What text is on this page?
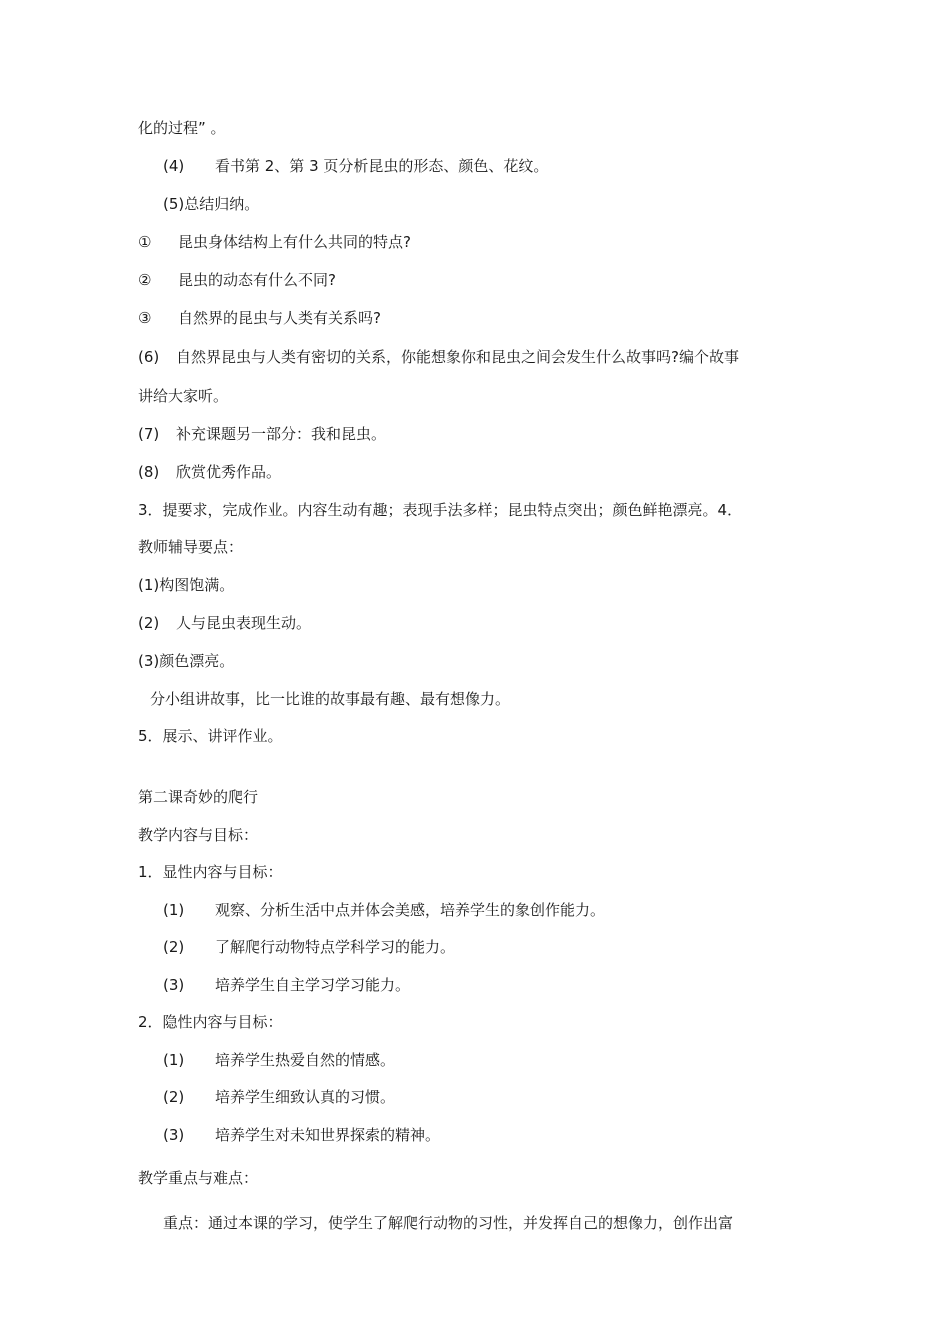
化的过程” 。
(4) 看书第 2、第 3 页分析昆虫的形态、颜色、花纹。
(5)总结归纳。
① 昆虫身体结构上有什么共同的特点?
② 昆虫的动态有什么不同?
③ 自然界的昆虫与人类有关系吗?
(6) 自然界昆虫与人类有密切的关系，你能想象你和昆虫之间会发生什么故事吗?编个故事
讲给大家听。
(7) 补充课题另一部分：我和昆虫。
(8) 欣赏优秀作品。
3．提要求，完成作业。内容生动有趣；表现手法多样；昆虫特点突出；颜色鲜艳漂亮。4．
教师辅导要点：
(1)构图饱满。
(2) 人与昆虫表现生动。
(3)颜色漂亮。
分小组讲故事，比一比谁的故事最有趣、最有想像力。
5．展示、讲评作业。
第二课奇妙的爬行
教学内容与目标：
1．显性内容与目标：
(1) 观察、分析生活中点并体会美感，培养学生的象创作能力。
(2) 了解爬行动物特点学科学习的能力。
(3) 培养学生自主学习学习能力。
2．隐性内容与目标：
(1) 培养学生热爱自然的情感。
(2) 培养学生细致认真的习惯。
(3) 培养学生对未知世界探索的精神。
教学重点与难点：
重点：通过本课的学习，使学生了解爬行动物的习性，并发挥自己的想像力，创作出富
